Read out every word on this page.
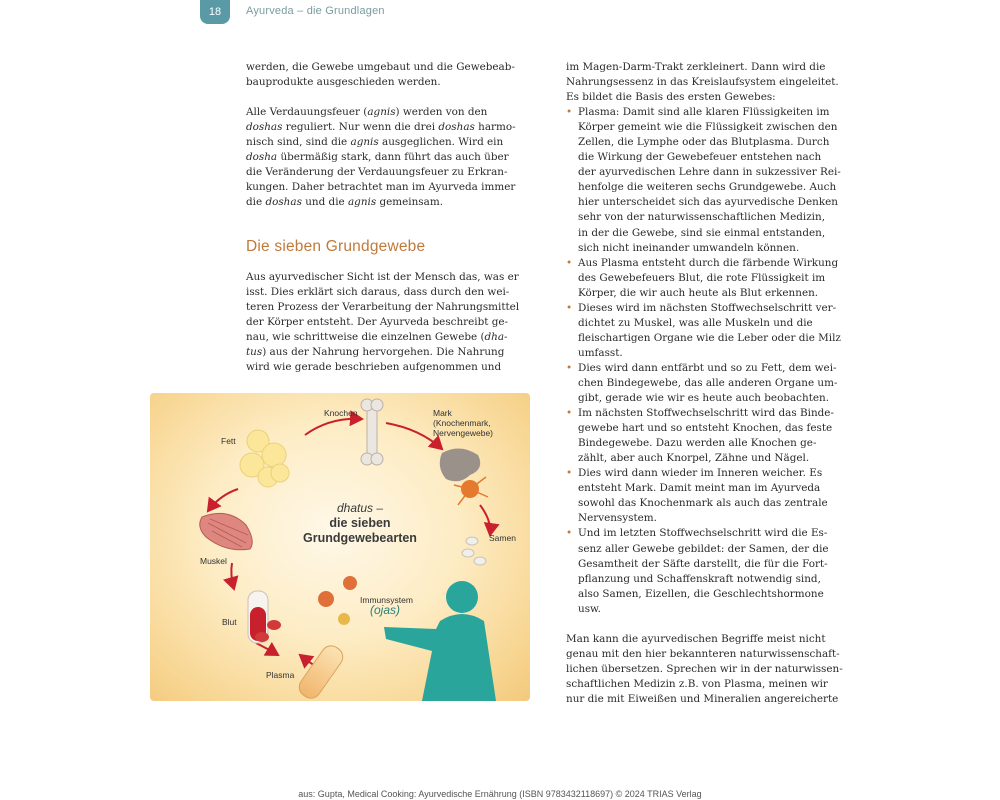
18 Ayurveda – die Grundlagen

werden, die Gewebe umgebaut und die Gewebeab-
bauprodukte ausgeschieden werden.

Alle Verdauungsfeuer (agnis) werden von den
doshas reguliert. Nur wenn die drei doshas harmo-
nisch sind, sind die agnis ausgeglichen. Wird ein
dosha übermäßig stark, dann führt das auch über
die Veränderung der Verdauungsfeuer zu Erkran-
kungen. Daher betrachtet man im Ayurveda immer
die doshas und die agnis gemeinsam.

Die sieben Grundgewebe

Aus ayurvedischer Sicht ist der Mensch das, was er
isst. Dies erklärt sich daraus, dass durch den wei-
teren Prozess der Verarbeitung der Nahrungsmittel
der Körper entsteht. Der Ayurveda beschreibt ge-
nau, wie schrittweise die einzelnen Gewebe (dha-
tus) aus der Nahrung hervorgehen. Die Nahrung
wird wie gerade beschrieben aufgenommen und

Knochen	Mark
(Knochenmark,
Nervengewebe)
Fett
Samen
Muskel
Blut
Plasma
Immunsystem
(ojas)
dhatus –
die sieben
Grundgewebearten

im Magen-Darm-Trakt zerkleinert. Dann wird die
Nahrungsessenz in das Kreislaufsystem eingeleitet.
Es bildet die Basis des ersten Gewebes:

• Plasma: Damit sind alle klaren Flüssigkeiten im
Körper gemeint wie die Flüssigkeit zwischen den
Zellen, die Lymphe oder das Blutplasma. Durch
die Wirkung der Gewebefeuer entstehen nach
der ayurvedischen Lehre dann in sukzessiver Rei-
henfolge die weiteren sechs Grundgewebe. Auch
hier unterscheidet sich das ayurvedische Denken
sehr von der naturwissenschaftlichen Medizin,
in der die Gewebe, sind sie einmal entstanden,
sich nicht ineinander umwandeln können.
• Aus Plasma entsteht durch die färbende Wirkung
des Gewebefeuers Blut, die rote Flüssigkeit im
Körper, die wir auch heute als Blut erkennen.
• Dieses wird im nächsten Stoffwechselschritt ver-
dichtet zu Muskel, was alle Muskeln und die
fleischartigen Organe wie die Leber oder die Milz
umfasst.
• Dies wird dann entfärbt und so zu Fett, dem wei-
chen Bindegewebe, das alle anderen Organe um-
gibt, gerade wie wir es heute auch beobachten.
• Im nächsten Stoffwechselschritt wird das Binde-
gewebe hart und so entsteht Knochen, das feste
Bindegewebe. Dazu werden alle Knochen ge-
zählt, aber auch Knorpel, Zähne und Nägel.
• Dies wird dann wieder im Inneren weicher. Es
entsteht Mark. Damit meint man im Ayurveda
sowohl das Knochenmark als auch das zentrale
Nervensystem.
• Und im letzten Stoffwechselschritt wird die Es-
senz aller Gewebe gebildet: der Samen, der die
Gesamtheit der Säfte darstellt, die für die Fort-
pflanzung und Schaffenskraft notwendig sind,
also Samen, Eizellen, die Geschlechtshormone
usw.

Man kann die ayurvedischen Begriffe meist nicht
genau mit den hier bekannteren naturwissenschaft-
lichen übersetzen. Sprechen wir in der naturwissen-
schaftlichen Medizin z.B. von Plasma, meinen wir
nur die mit Eiweißen und Mineralien angereicherte

aus: Gupta, Medical Cooking: Ayurvedische Ernährung (ISBN 9783432118697) © 2024 TRIAS Verlag
